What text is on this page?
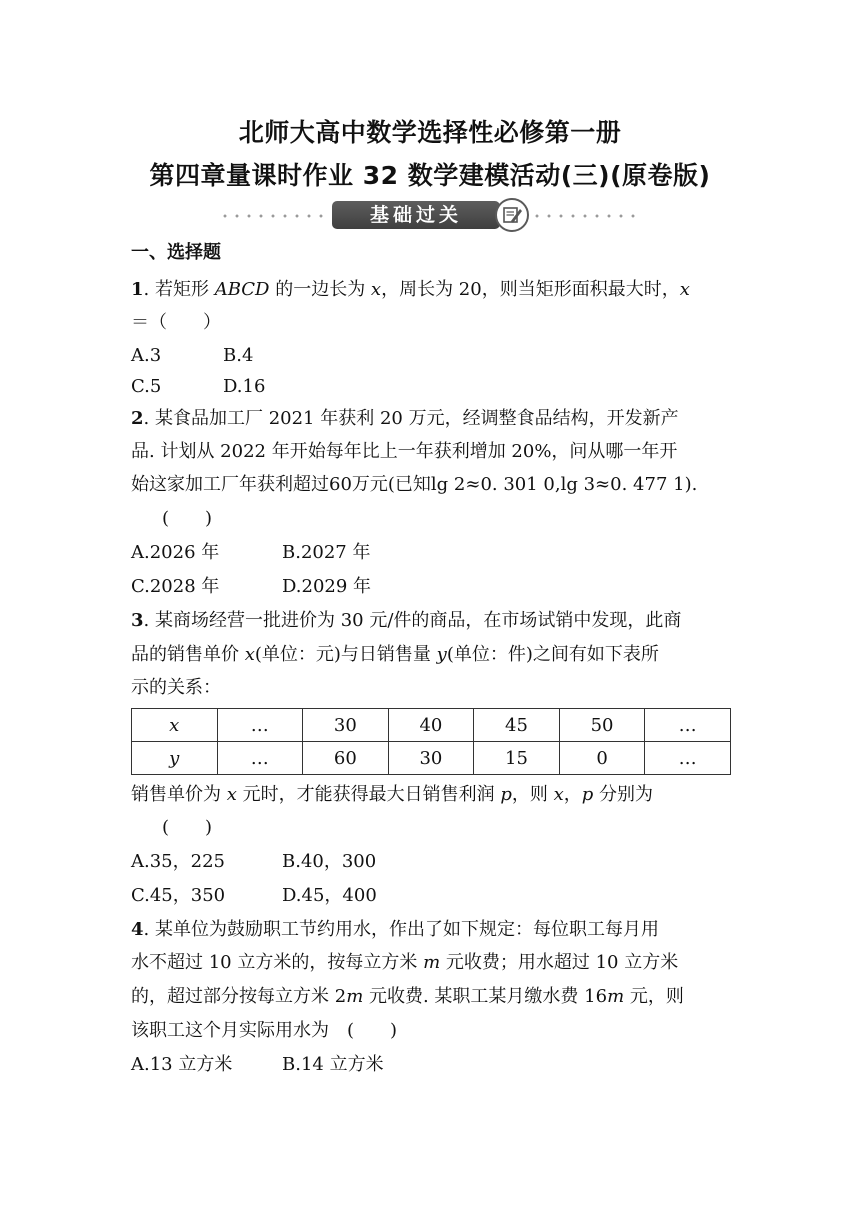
北师大高中数学选择性必修第一册
第四章量课时作业 32 数学建模活动(三)(原卷版)
基础过关
一、选择题
1. 若矩形 ABCD 的一边长为 x，周长为 20，则当矩形面积最大时，x
＝（　　）
A.3	B.4
C.5	D.16
2. 某食品加工厂 2021 年获利 20 万元，经调整食品结构，开发新产
品. 计划从 2022 年开始每年比上一年获利增加 20%，问从哪一年开
始这家加工厂年获利超过60万元(已知lg 2≈0. 301 0,lg 3≈0. 477 1).
(　　)
A.2026 年	B.2027 年
C.2028 年	D.2029 年
3. 某商场经营一批进价为 30 元/件的商品，在市场试销中发现，此商
品的销售单价 x(单位：元)与日销售量 y(单位：件)之间有如下表所
示的关系：
x	…	30	40	45	50	…
y	…	60	30	15	0	…
销售单价为 x 元时，才能获得最大日销售利润 p，则 x，p 分别为
(　　)
A.35，225	B.40，300
C.45，350	D.45，400
4. 某单位为鼓励职工节约用水，作出了如下规定：每位职工每月用
水不超过 10 立方米的，按每立方米 m 元收费；用水超过 10 立方米
的，超过部分按每立方米 2m 元收费. 某职工某月缴水费 16m 元，则
该职工这个月实际用水为　(　　)
A.13 立方米	B.14 立方米
